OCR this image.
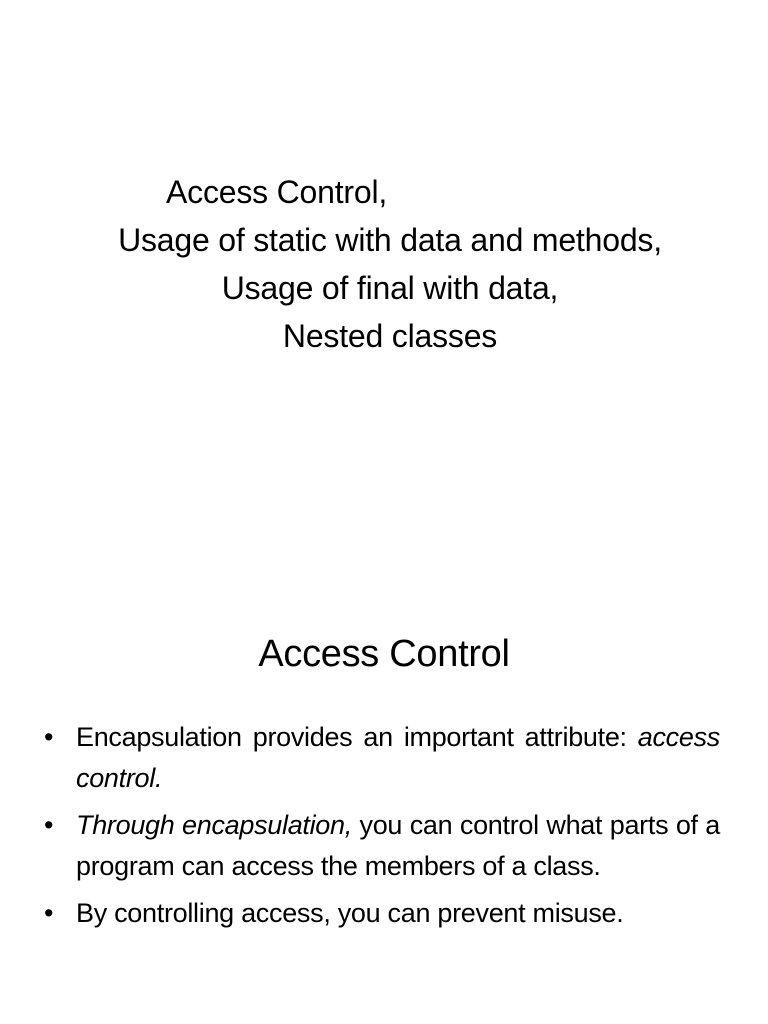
Access Control,
Usage of static with data and methods,
Usage of final with data,
Nested classes
Access Control
• Encapsulation provides an important attribute: access control.
• Through encapsulation, you can control what parts of a program can access the members of a class.
• By controlling access, you can prevent misuse.
